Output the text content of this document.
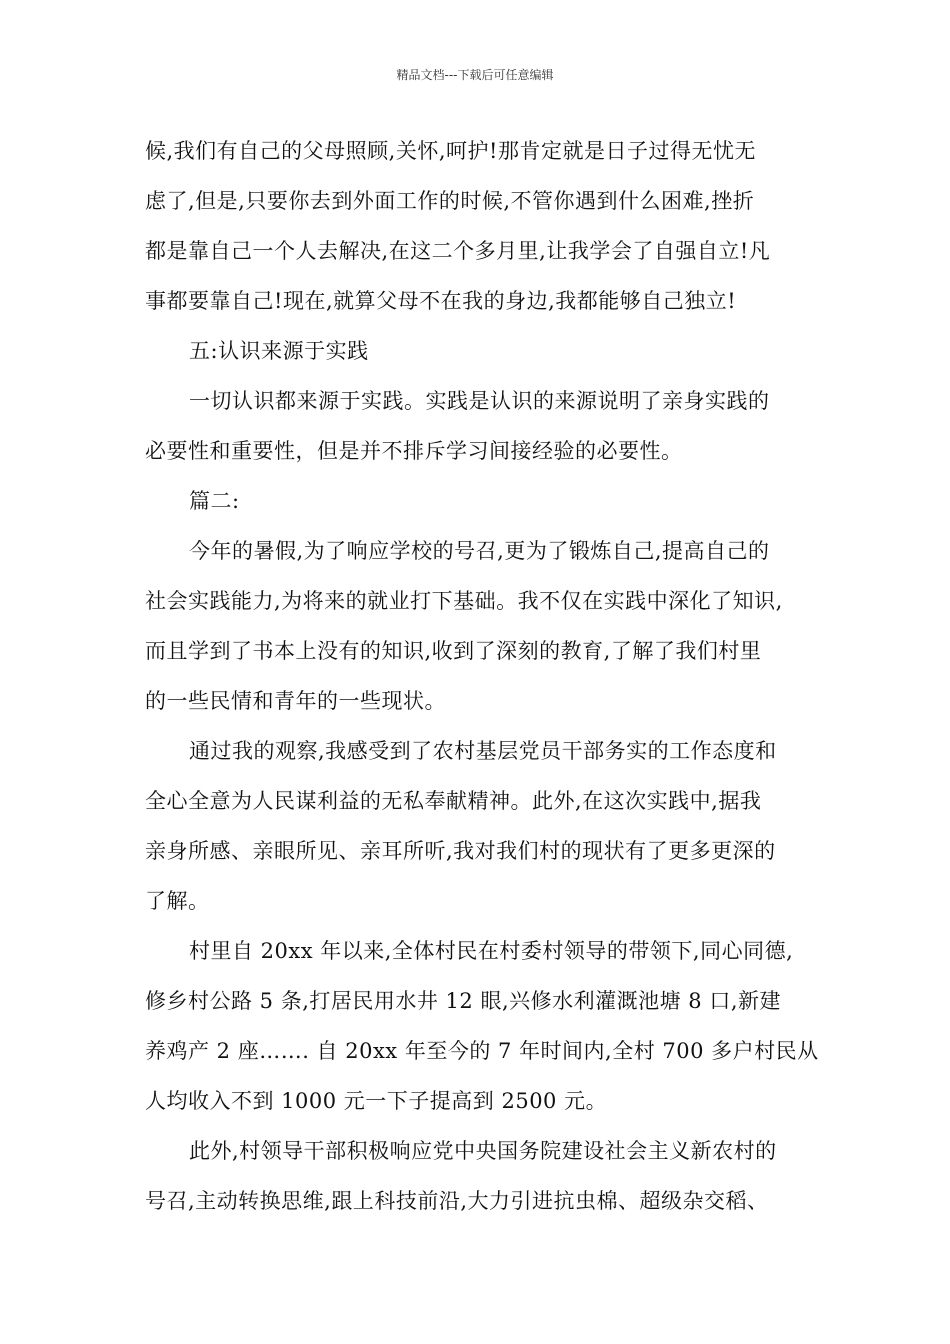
精品文档---下载后可任意编辑

候,我们有自己的父母照顾,关怀,呵护!那肯定就是日子过得无忧无
虑了,但是,只要你去到外面工作的时候,不管你遇到什么困难,挫折
都是靠自己一个人去解决,在这二个多月里,让我学会了自强自立!凡
事都要靠自己!现在,就算父母不在我的身边,我都能够自己独立!

五:认识来源于实践

一切认识都来源于实践。实践是认识的来源说明了亲身实践的
必要性和重要性，但是并不排斥学习间接经验的必要性。

篇二:

今年的暑假,为了响应学校的号召,更为了锻炼自己,提高自己的
社会实践能力,为将来的就业打下基础。我不仅在实践中深化了知识,
而且学到了书本上没有的知识,收到了深刻的教育,了解了我们村里
的一些民情和青年的一些现状。

通过我的观察,我感受到了农村基层党员干部务实的工作态度和
全心全意为人民谋利益的无私奉献精神。此外,在这次实践中,据我
亲身所感、亲眼所见、亲耳所听,我对我们村的现状有了更多更深的
了解。

村里自 20xx 年以来,全体村民在村委村领导的带领下,同心同德,
修乡村公路 5 条,打居民用水井 12 眼,兴修水利灌溉池塘 8 口,新建
养鸡产 2 座……. 自 20xx 年至今的 7 年时间内,全村 700 多户村民从
人均收入不到 1000 元一下子提高到 2500 元。

此外,村领导干部积极响应党中央国务院建设社会主义新农村的
号召,主动转换思维,跟上科技前沿,大力引进抗虫棉、超级杂交稻、
